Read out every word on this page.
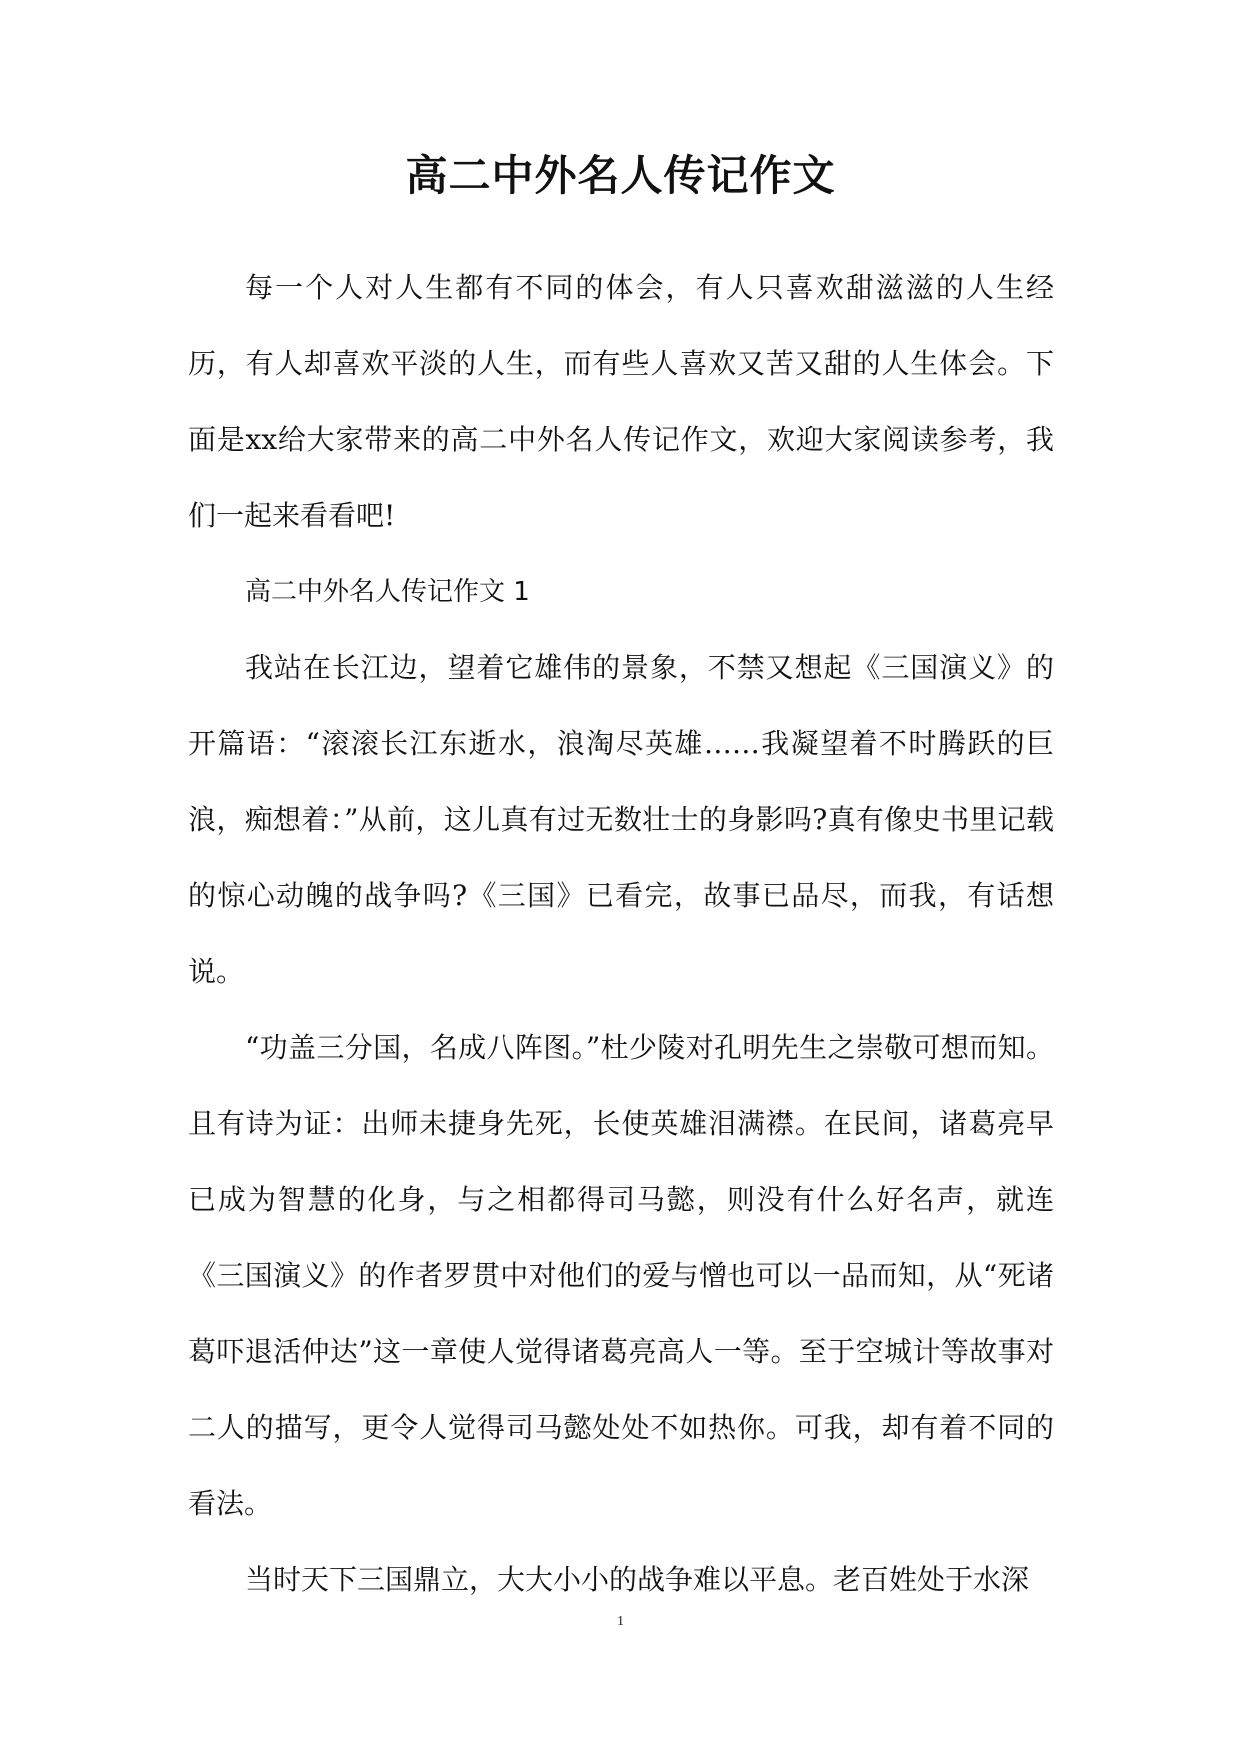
高二中外名人传记作文

每一个人对人生都有不同的体会，有人只喜欢甜滋滋的人生经历，有人却喜欢平淡的人生，而有些人喜欢又苦又甜的人生体会。下面是xx给大家带来的高二中外名人传记作文，欢迎大家阅读参考，我们一起来看看吧!

高二中外名人传记作文 1

我站在长江边，望着它雄伟的景象，不禁又想起《三国演义》的开篇语：“滚滚长江东逝水，浪淘尽英雄……我凝望着不时腾跃的巨浪，痴想着：”从前，这儿真有过无数壮士的身影吗?真有像史书里记载的惊心动魄的战争吗?《三国》已看完，故事已品尽，而我，有话想说。

“功盖三分国，名成八阵图。”杜少陵对孔明先生之崇敬可想而知。且有诗为证：出师未捷身先死，长使英雄泪满襟。在民间，诸葛亮早已成为智慧的化身，与之相都得司马懿，则没有什么好名声，就连《三国演义》的作者罗贯中对他们的爱与憎也可以一品而知，从“死诸葛吓退活仲达”这一章使人觉得诸葛亮高人一等。至于空城计等故事对二人的描写，更令人觉得司马懿处处不如热你。可我，却有着不同的看法。

当时天下三国鼎立，大大小小的战争难以平息。老百姓处于水深

1
